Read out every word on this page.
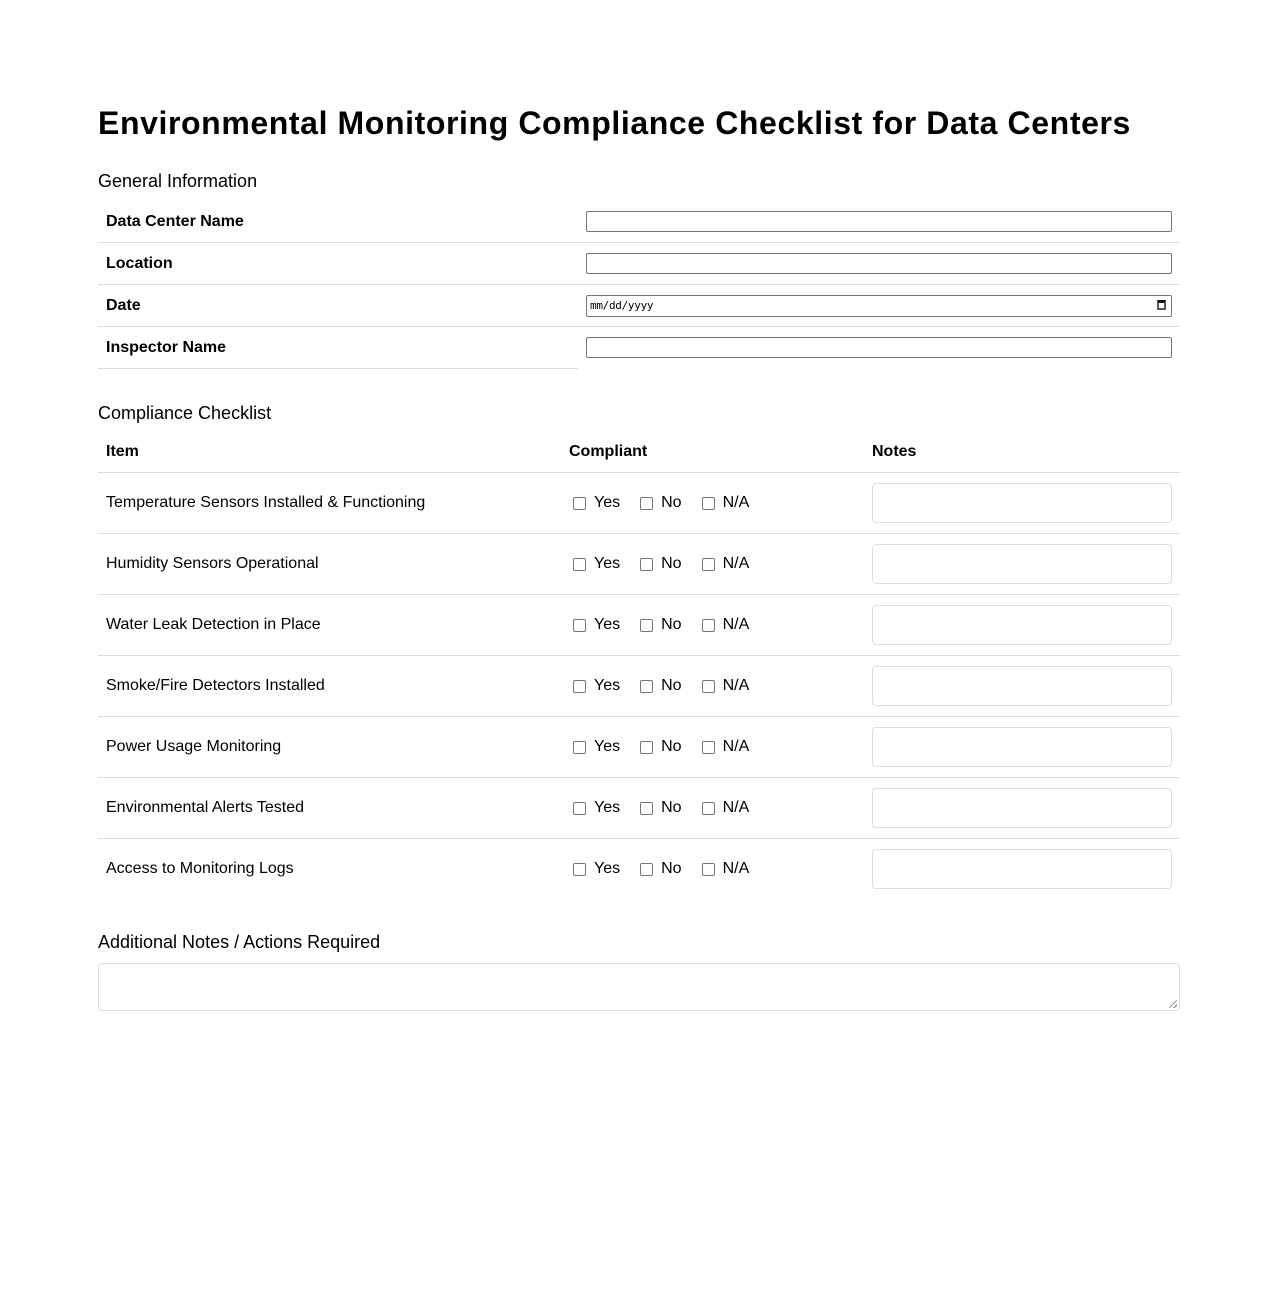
Environmental Monitoring Compliance Checklist for Data Centers
General Information
Data Center Name	

Location	

Date	mm/dd/yyyy

Inspector Name	
Compliance Checklist
Item	Compliant	Notes
Temperature Sensors Installed & Functioning	Yes No N/A	

Humidity Sensors Operational	Yes No N/A	

Water Leak Detection in Place	Yes No N/A	

Smoke/Fire Detectors Installed	Yes No N/A	

Power Usage Monitoring	Yes No N/A	

Environmental Alerts Tested	Yes No N/A	

Access to Monitoring Logs	Yes No N/A	

Additional Notes / Actions Required
